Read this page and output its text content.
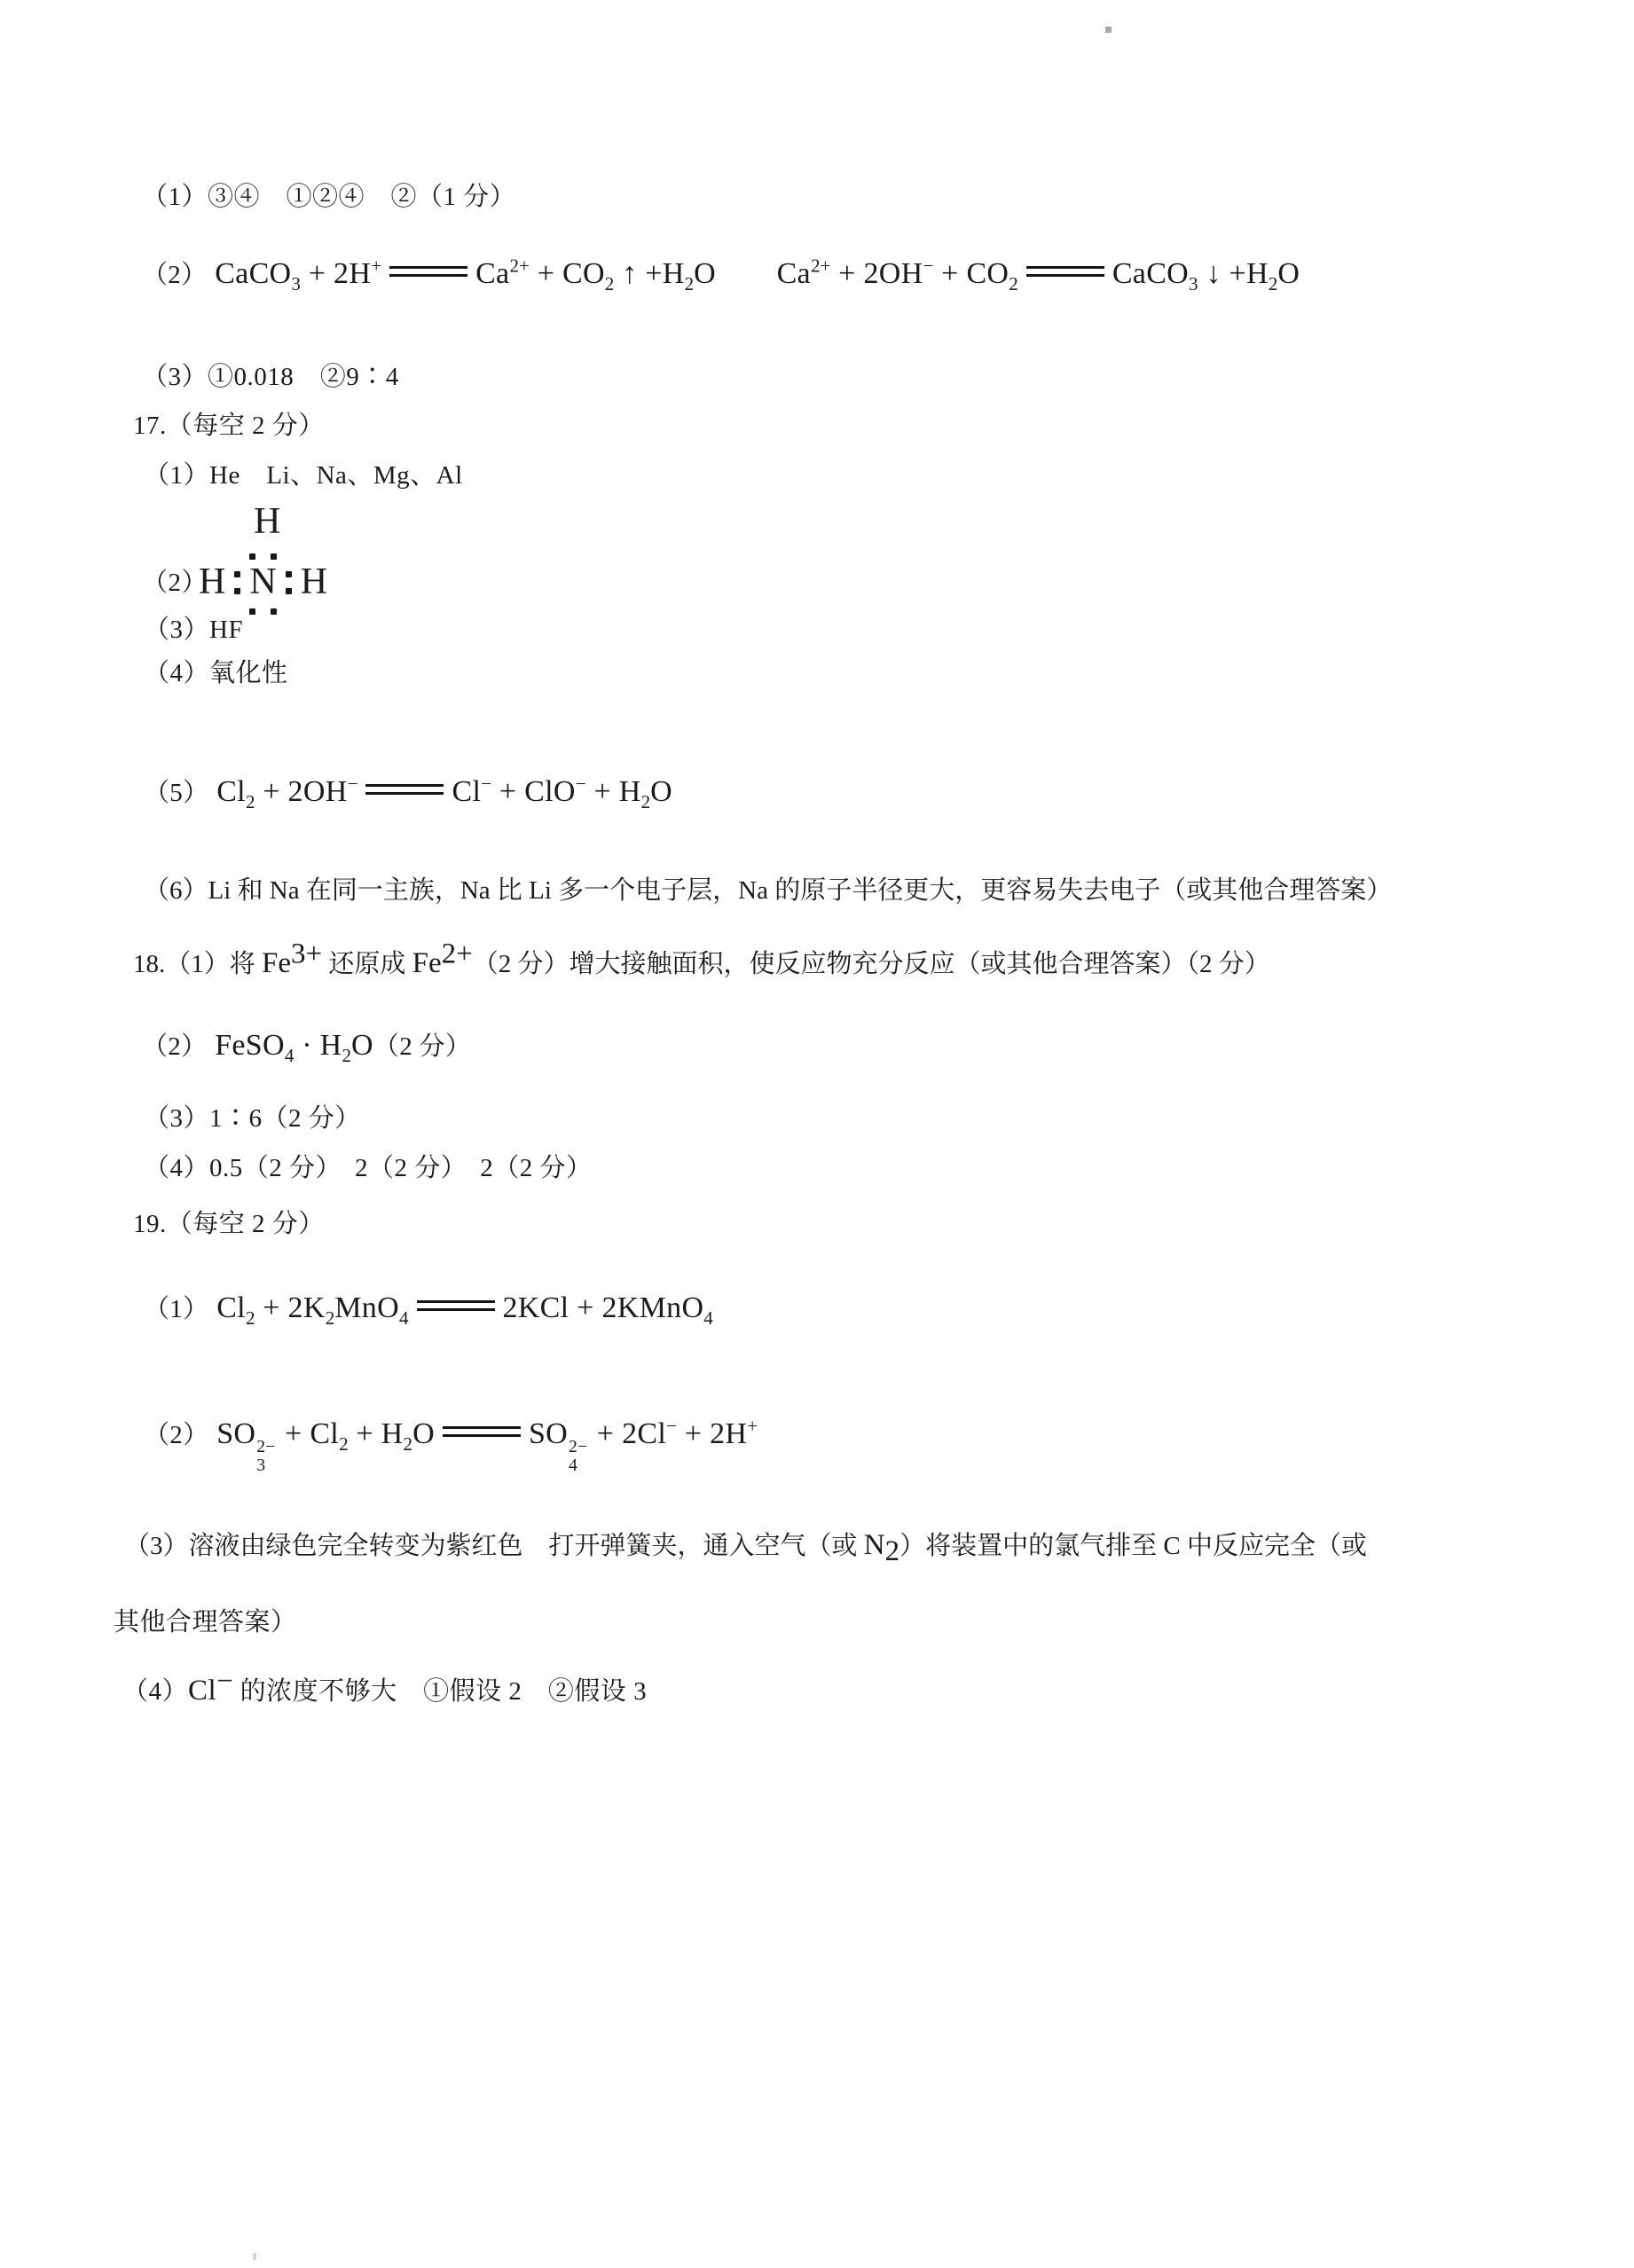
（1）③④　①②④　②（1 分）
（2） CaCO$_3$ + 2H+	$Ca^{2+} + CO_2$ ↑ $+H_2O$　　$Ca^{2+} + 2OH^- + CO_2$	CaCO$_3$ ↓ $+H_2O$
（3）①0.018　②9∶4
17.（每空 2 分）
（1）He　Li、Na、Mg、Al
（2）
H
H N H
（3）HF
（4）氧化性
（5） $Cl_2 + 2OH^-$	$Cl^- + ClO^- + H_2O$
（6）Li 和 Na 在同一主族，Na 比 Li 多一个电子层，Na 的原子半径更大，更容易失去电子（或其他合理答案）
18.（1）将 $Fe^{3+}$ 还原成 $Fe^{2+}(2$ 分）增大接触面积，使反应物充分反应（或其他合理答案）（2 分）
（2） FeSO$_4$ · $H_2O(2$ 分）
（3）1∶6（2 分）
（4）0.5（2 分）　2（2 分）　2（2 分）
19.（每空 2 分）
（1） $Cl_2 + 2K_2MnO_4$	2KCl + 2KMnO$_4$
（2） SO 2−
3
+ $Cl_2 + H_2O$	SO 2−
4
+ 2Cl− + 2H+
（3）溶液由绿色完全转变为紫红色　打开弹簧夹，通入空气（或 $N_2$）将装置中的氯气排至 C 中反应完全（或
其他合理答案）
（4）Cl− 的浓度不够大　①假设 2　②假设 3
